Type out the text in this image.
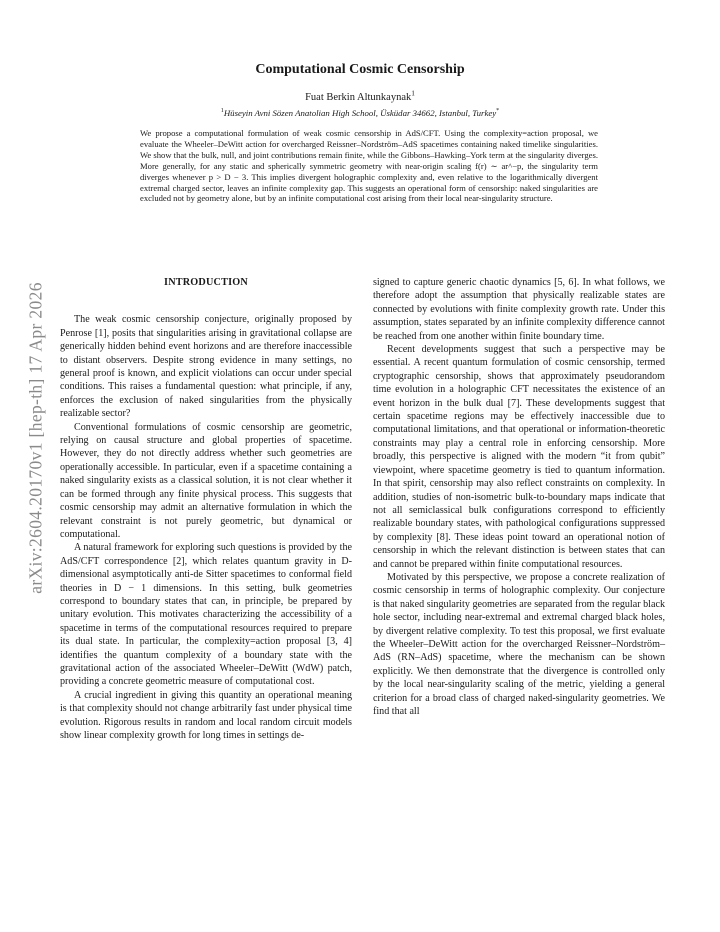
arXiv:2604.20170v1 [hep-th] 17 Apr 2026
Computational Cosmic Censorship
Fuat Berkin Altunkaynak$^1$
$^1$Hüseyin Avni Sözen Anatolian High School, Üsküdar 34662, Istanbul, Turkey*
We propose a computational formulation of weak cosmic censorship in AdS/CFT. Using the complexity=action proposal, we evaluate the Wheeler–DeWitt action for overcharged Reissner–Nordström–AdS spacetimes containing naked timelike singularities. We show that the bulk, null, and joint contributions remain finite, while the Gibbons–Hawking–York term at the singularity diverges. More generally, for any static and spherically symmetric geometry with near-origin scaling f(r) ∼ ar^−p, the singularity term diverges whenever p > D − 3. This implies divergent holographic complexity and, even relative to the logarithmically divergent extremal charged sector, leaves an infinite complexity gap. This suggests an operational form of censorship: naked singularities are excluded not by geometry alone, but by an infinite computational cost arising from their local near-singularity structure.
INTRODUCTION

The weak cosmic censorship conjecture, originally proposed by Penrose [1], posits that singularities arising in gravitational collapse are generically hidden behind event horizons and are therefore inaccessible to distant observers. Despite strong evidence in many settings, no general proof is known, and explicit violations can occur under special conditions. This raises a fundamental question: what principle, if any, enforces the exclusion of naked singularities from the physically realizable sector?

Conventional formulations of cosmic censorship are geometric, relying on causal structure and global properties of spacetime. However, they do not directly address whether such geometries are operationally accessible. In particular, even if a spacetime containing a naked singularity exists as a classical solution, it is not clear whether it can be formed through any finite physical process. This suggests that cosmic censorship may admit an alternative formulation in which the relevant constraint is not purely geometric, but dynamical or computational.

A natural framework for exploring such questions is provided by the AdS/CFT correspondence [2], which relates quantum gravity in D-dimensional asymptotically anti-de Sitter spacetimes to conformal field theories in D − 1 dimensions. In this setting, bulk geometries correspond to boundary states that can, in principle, be prepared by unitary evolution. This motivates characterizing the accessibility of a spacetime in terms of the computational resources required to prepare its dual state. In particular, the complexity=action proposal [3, 4] identifies the quantum complexity of a boundary state with the gravitational action of the associated Wheeler–DeWitt (WdW) patch, providing a concrete geometric measure of computational cost.

A crucial ingredient in giving this quantity an operational meaning is that complexity should not change arbitrarily fast under physical time evolution. Rigorous results in random and local random circuit models show linear complexity growth for long times in settings de-

signed to capture generic chaotic dynamics [5, 6]. In what follows, we therefore adopt the assumption that physically realizable states are connected by evolutions with finite complexity growth rate. Under this assumption, states separated by an infinite complexity difference cannot be reached from one another within finite boundary time.

Recent developments suggest that such a perspective may be essential. A recent quantum formulation of cosmic censorship, termed cryptographic censorship, shows that approximately pseudorandom time evolution in a holographic CFT necessitates the existence of an event horizon in the bulk dual [7]. These developments suggest that certain spacetime regions may be effectively inaccessible due to computational limitations, and that operational or information-theoretic constraints may play a central role in enforcing censorship. More broadly, this perspective is aligned with the modern “it from qubit” viewpoint, where spacetime geometry is tied to quantum information. In that spirit, censorship may also reflect constraints on complexity. In addition, studies of non-isometric bulk-to-boundary maps indicate that not all semiclassical bulk configurations correspond to efficiently realizable boundary states, with pathological configurations suppressed by complexity [8]. These ideas point toward an operational notion of censorship in which the relevant distinction is between states that can and cannot be prepared within finite computational resources.

Motivated by this perspective, we propose a concrete realization of cosmic censorship in terms of holographic complexity. Our conjecture is that naked singularity geometries are separated from the regular black hole sector, including near-extremal and extremal charged black holes, by divergent relative complexity. To test this proposal, we first evaluate the Wheeler–DeWitt action for the overcharged Reissner–Nordström–AdS (RN–AdS) spacetime, where the mechanism can be shown explicitly. We then demonstrate that the divergence is controlled only by the local near-singularity scaling of the metric, yielding a general criterion for a broad class of charged naked-singularity geometries. We find that all
